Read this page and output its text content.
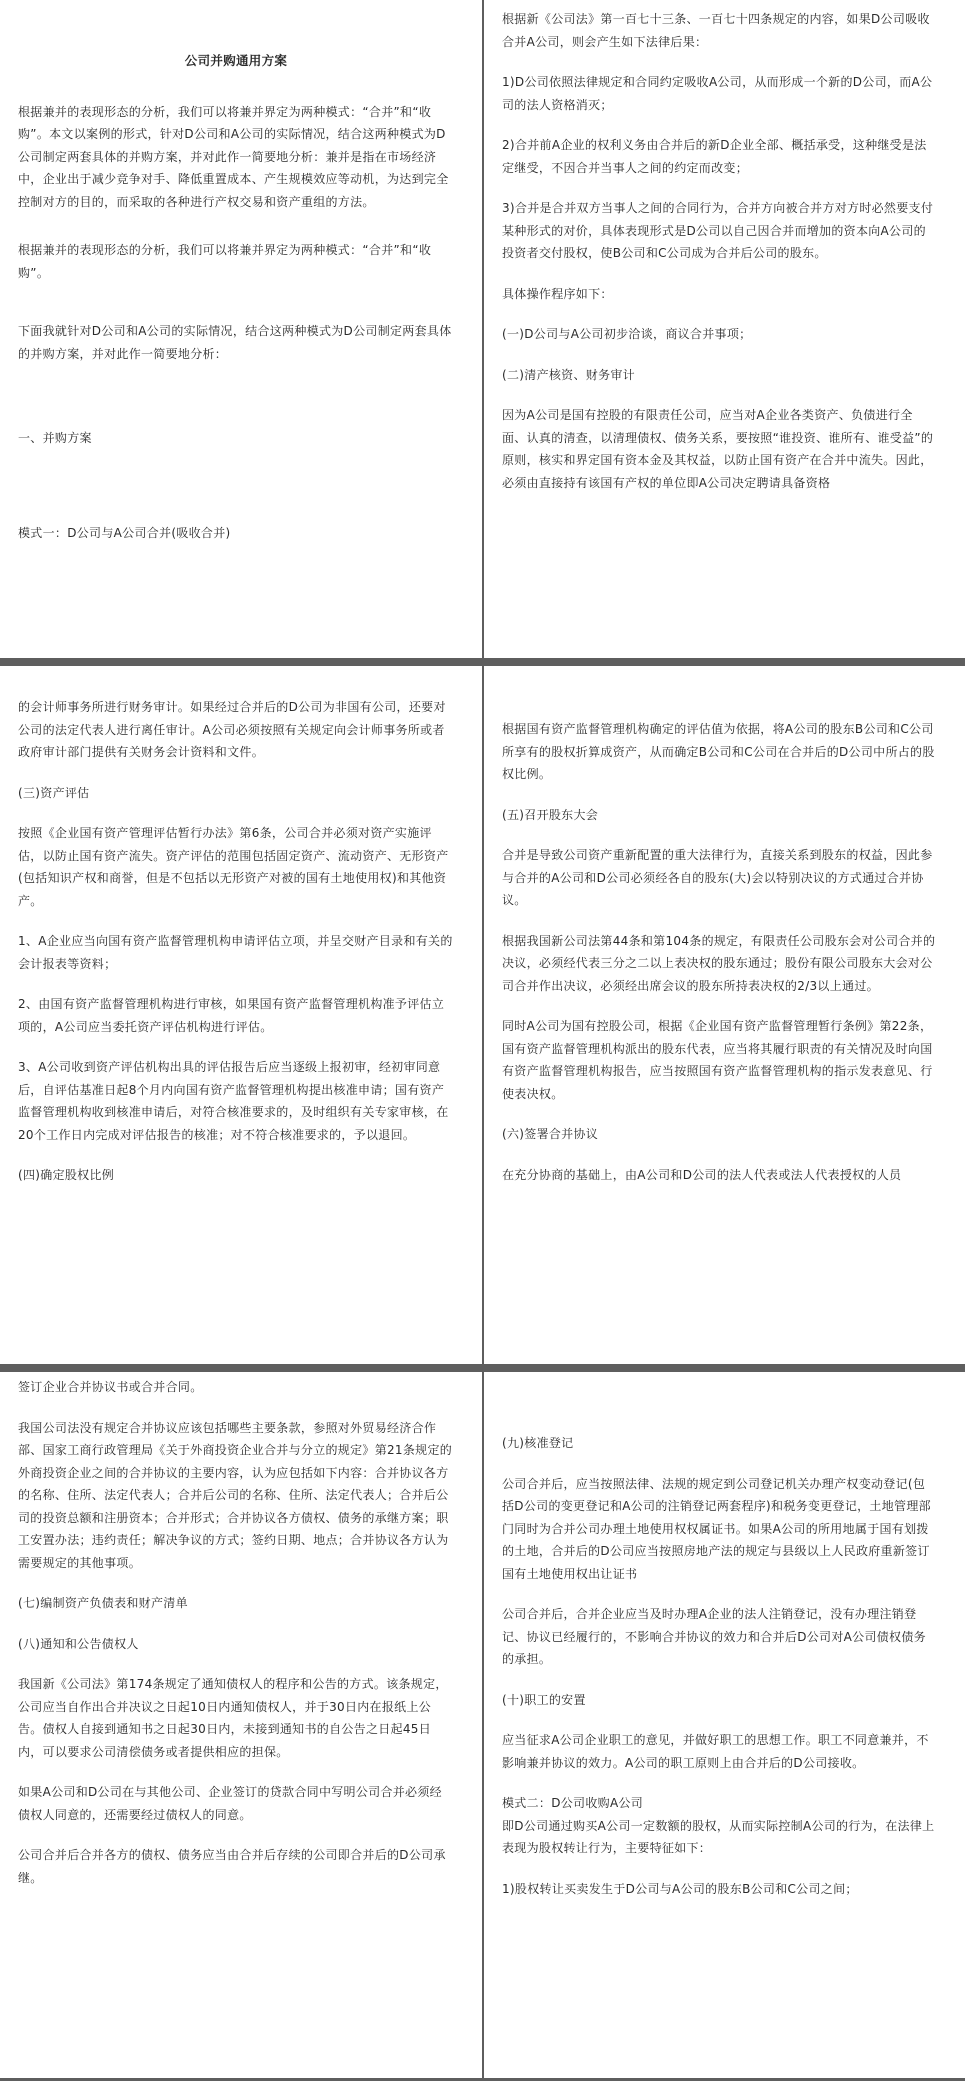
公司并购通用方案

根据兼并的表现形态的分析，我们可以将兼并界定为两种模式：“合并”和“收购”。本文以案例的形式，针对D公司和A公司的实际情况，结合这两种模式为D公司制定两套具体的并购方案，并对此作一简要地分析：兼并是指在市场经济中，企业出于减少竞争对手、降低重置成本、产生规模效应等动机，为达到完全控制对方的目的，而采取的各种进行产权交易和资产重组的方法。

根据兼并的表现形态的分析，我们可以将兼并界定为两种模式：“合并”和“收购”。

下面我就针对D公司和A公司的实际情况，结合这两种模式为D公司制定两套具体的并购方案，并对此作一简要地分析：

一、并购方案

模式一：D公司与A公司合并(吸收合并)

根据新《公司法》第一百七十三条、一百七十四条规定的内容，如果D公司吸收合并A公司，则会产生如下法律后果：

1)D公司依照法律规定和合同约定吸收A公司，从而形成一个新的D公司，而A公司的法人资格消灭；

2)合并前A企业的权利义务由合并后的新D企业全部、概括承受，这种继受是法定继受，不因合并当事人之间的约定而改变；

3)合并是合并双方当事人之间的合同行为，合并方向被合并方对方时必然要支付某种形式的对价，具体表现形式是D公司以自己因合并而增加的资本向A公司的投资者交付股权，使B公司和C公司成为合并后公司的股东。

具体操作程序如下：

(一)D公司与A公司初步洽谈，商议合并事项；

(二)清产核资、财务审计

因为A公司是国有控股的有限责任公司，应当对A企业各类资产、负债进行全面、认真的清查，以清理债权、债务关系，要按照“谁投资、谁所有、谁受益”的原则，核实和界定国有资本金及其权益，以防止国有资产在合并中流失。因此，必须由直接持有该国有产权的单位即A公司决定聘请具备资格

的会计师事务所进行财务审计。如果经过合并后的D公司为非国有公司，还要对公司的法定代表人进行离任审计。A公司必须按照有关规定向会计师事务所或者政府审计部门提供有关财务会计资料和文件。

(三)资产评估

按照《企业国有资产管理评估暂行办法》第6条，公司合并必须对资产实施评估，以防止国有资产流失。资产评估的范围包括固定资产、流动资产、无形资产(包括知识产权和商誉，但是不包括以无形资产对被的国有土地使用权)和其他资产。

1、A企业应当向国有资产监督管理机构申请评估立项，并呈交财产目录和有关的会计报表等资料；

2、由国有资产监督管理机构进行审核，如果国有资产监督管理机构准予评估立项的，A公司应当委托资产评估机构进行评估。

3、A公司收到资产评估机构出具的评估报告后应当逐级上报初审，经初审同意后，自评估基准日起8个月内向国有资产监督管理机构提出核准申请；国有资产监督管理机构收到核准申请后，对符合核准要求的，及时组织有关专家审核，在20个工作日内完成对评估报告的核准；对不符合核准要求的，予以退回。

(四)确定股权比例

根据国有资产监督管理机构确定的评估值为依据，将A公司的股东B公司和C公司所享有的股权折算成资产，从而确定B公司和C公司在合并后的D公司中所占的股权比例。

(五)召开股东大会

合并是导致公司资产重新配置的重大法律行为，直接关系到股东的权益，因此参与合并的A公司和D公司必须经各自的股东(大)会以特别决议的方式通过合并协议。

根据我国新公司法第44条和第104条的规定，有限责任公司股东会对公司合并的决议，必须经代表三分之二以上表决权的股东通过；股份有限公司股东大会对公司合并作出决议，必须经出席会议的股东所持表决权的2/3以上通过。

同时A公司为国有控股公司，根据《企业国有资产监督管理暂行条例》第22条，国有资产监督管理机构派出的股东代表，应当将其履行职责的有关情况及时向国有资产监督管理机构报告，应当按照国有资产监督管理机构的指示发表意见、行使表决权。

(六)签署合并协议

在充分协商的基础上，由A公司和D公司的法人代表或法人代表授权的人员

签订企业合并协议书或合并合同。

我国公司法没有规定合并协议应该包括哪些主要条款，参照对外贸易经济合作部、国家工商行政管理局《关于外商投资企业合并与分立的规定》第21条规定的外商投资企业之间的合并协议的主要内容，认为应包括如下内容：合并协议各方的名称、住所、法定代表人；合并后公司的名称、住所、法定代表人；合并后公司的投资总额和注册资本；合并形式；合并协议各方债权、债务的承继方案；职工安置办法；违约责任；解决争议的方式；签约日期、地点；合并协议各方认为需要规定的其他事项。

(七)编制资产负债表和财产清单

(八)通知和公告债权人

我国新《公司法》第174条规定了通知债权人的程序和公告的方式。该条规定，公司应当自作出合并决议之日起10日内通知债权人，并于30日内在报纸上公告。债权人自接到通知书之日起30日内，未接到通知书的自公告之日起45日内，可以要求公司清偿债务或者提供相应的担保。

如果A公司和D公司在与其他公司、企业签订的贷款合同中写明公司合并必须经债权人同意的，还需要经过债权人的同意。

公司合并后合并各方的债权、债务应当由合并后存续的公司即合并后的D公司承继。

(九)核准登记

公司合并后，应当按照法律、法规的规定到公司登记机关办理产权变动登记(包括D公司的变更登记和A公司的注销登记两套程序)和税务变更登记，土地管理部门同时为合并公司办理土地使用权权属证书。如果A公司的所用地属于国有划拨的土地，合并后的D公司应当按照房地产法的规定与县级以上人民政府重新签订国有土地使用权出让证书

公司合并后，合并企业应当及时办理A企业的法人注销登记，没有办理注销登记、协议已经履行的，不影响合并协议的效力和合并后D公司对A公司债权债务的承担。

(十)职工的安置

应当征求A公司企业职工的意见，并做好职工的思想工作。职工不同意兼并，不影响兼并协议的效力。A公司的职工原则上由合并后的D公司接收。

模式二：D公司收购A公司

即D公司通过购买A公司一定数额的股权，从而实际控制A公司的行为，在法律上表现为股权转让行为，主要特征如下：

1)股权转让买卖发生于D公司与A公司的股东B公司和C公司之间；
